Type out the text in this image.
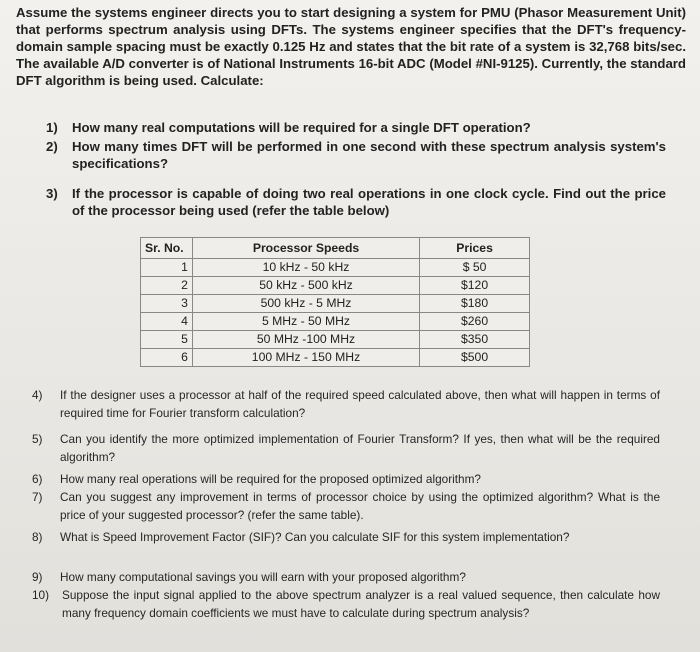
Assume the systems engineer directs you to start designing a system for PMU (Phasor Measurement Unit) that performs spectrum analysis using DFTs. The systems engineer specifies that the DFT's frequency-domain sample spacing must be exactly 0.125 Hz and states that the bit rate of a system is 32,768 bits/sec. The available A/D converter is of National Instruments 16-bit ADC (Model #NI-9125). Currently, the standard DFT algorithm is being used. Calculate:
1) How many real computations will be required for a single DFT operation?
2) How many times DFT will be performed in one second with these spectrum analysis system's specifications?
3) If the processor is capable of doing two real operations in one clock cycle. Find out the price of the processor being used (refer the table below)
Sr. No.	Processor Speeds	Prices
1	10 kHz - 50 kHz	$ 50
2	50 kHz - 500 kHz	$120
3	500 kHz - 5 MHz	$180
4	5 MHz - 50 MHz	$260
5	50 MHz -100 MHz	$350
6	100 MHz - 150 MHz	$500
4) If the designer uses a processor at half of the required speed calculated above, then what will happen in terms of required time for Fourier transform calculation?
5) Can you identify the more optimized implementation of Fourier Transform? If yes, then what will be the required algorithm?
6) How many real operations will be required for the proposed optimized algorithm?
7) Can you suggest any improvement in terms of processor choice by using the optimized algorithm? What is the price of your suggested processor? (refer the same table).
8) What is Speed Improvement Factor (SIF)? Can you calculate SIF for this system implementation?
9) How many computational savings you will earn with your proposed algorithm?
10) Suppose the input signal applied to the above spectrum analyzer is a real valued sequence, then calculate how many frequency domain coefficients we must have to calculate during spectrum analysis?
